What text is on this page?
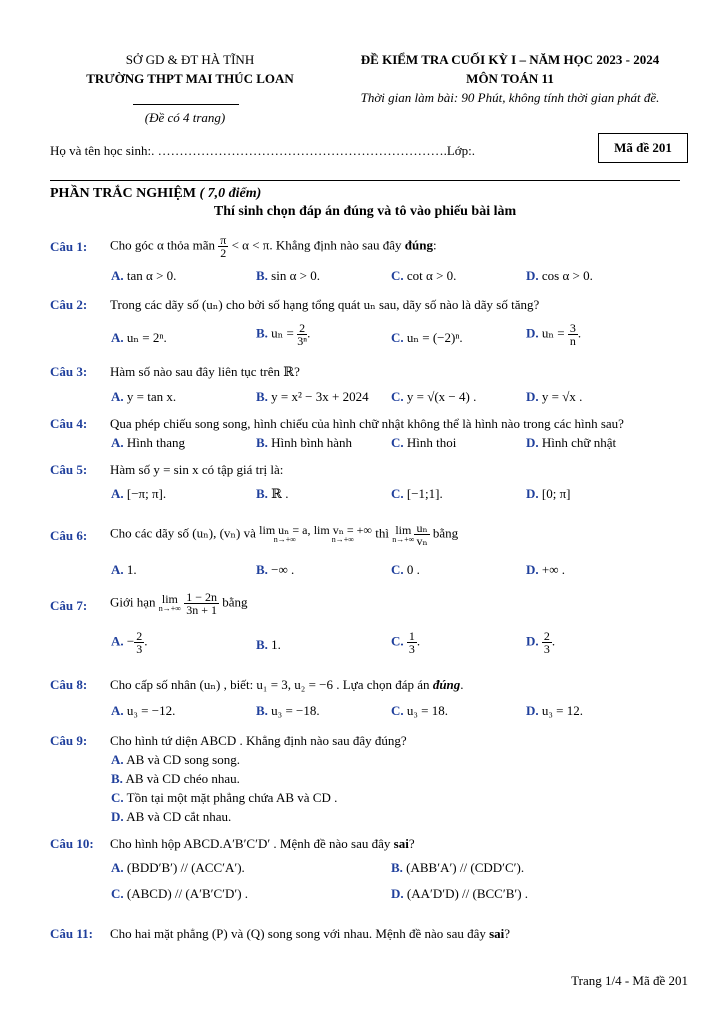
SỞ GD & ĐT HÀ TĨNH
TRƯỜNG THPT MAI THÚC LOAN
(Đề có 4 trang)
ĐỀ KIỂM TRA CUỐI KỲ I – NĂM HỌC 2023 - 2024
MÔN TOÁN 11
Thời gian làm bài: 90 Phút, không tính thời gian phát đề.
Họ và tên học sinh:. ………………………………………………………….Lớp:.	Mã đề 201
PHẦN TRẮC NGHIỆM ( 7,0 điểm)
Thí sinh chọn đáp án đúng và tô vào phiếu bài làm
Câu 1: Cho góc α thỏa mãn $\frac{\pi}{2} < \alpha < \pi$. Khẳng định nào sau đây đúng:
A. tan α > 0.	B. sin α > 0.	C. cot α > 0.	D. cos α > 0.
Câu 2: Trong các dãy số (uₙ) cho bởi số hạng tổng quát uₙ sau, dãy số nào là dãy số tăng?
A. uₙ = 2ⁿ.	B. $u_n = \frac{2}{\text{3ⁿ}}$ .	C. uₙ = (−2)ⁿ.	D. $u_n = \frac{3}{n}$ .
Câu 3: Hàm số nào sau đây liên tục trên ℝ?
A. y = tan x.	B. y = x² − 3x + 2024 C. y = √(x − 4) .	D. y = √x .
Câu 4: Qua phép chiếu song song, hình chiếu của hình chữ nhật không thể là hình nào trong các hình sau?
A. Hình thang	B. Hình bình hành	C. Hình thoi	D. Hình chữ nhật
Câu 5: Hàm số y = sin x có tập giá trị là:
A. [−π; π].	B. ℝ .	C. [−1;1].	D. [0; π]
Câu 6: Cho các dãy số (uₙ), (vₙ) và lim uₙ = a,
n→+∞

lim vₙ = +∞
n→+∞	thì lim
$n\to+\infty \frac{\text{uₙ}}{\text{vₙ}}$ bằng
A. 1.	B. −∞ .	C. 0 .	D. +∞ .
Câu 7: Giới hạn lim
n→+∞
$\frac{1 - 2n}{3n + 1}$ bằng
A. − $\frac{2}{3}$ .	B. 1.	C. $\frac{1}{3}$ .	D. $\frac{2}{3}$ .
Câu 8: Cho cấp số nhân (uₙ) , biết: u₁ = 3, u₂ = −6 . Lựa chọn đáp án đúng.
A. u₃ = −12.	B. u₃ = −18.	C. u₃ = 18.	D. u₃ = 12.
Câu 9: Cho hình tứ diện ABCD . Khẳng định nào sau đây đúng?
A. AB và CD song song.
B. AB và CD chéo nhau.
C. Tồn tại một mặt phẳng chứa AB và CD .
D. AB và CD cắt nhau.
Câu 10: Cho hình hộp ABCD.A′B′C′D′ . Mệnh đề nào sau đây sai?
A. (BDD′B′) // (ACC′A′).	B. (ABB′A′) // (CDD′C′).
C. (ABCD) // (A′B′C′D′) .	D. (AA′D′D) // (BCC′B′) .
Câu 11: Cho hai mặt phẳng (P) và (Q) song song với nhau. Mệnh đề nào sau đây sai?
Trang 1/4 - Mã đề 201
